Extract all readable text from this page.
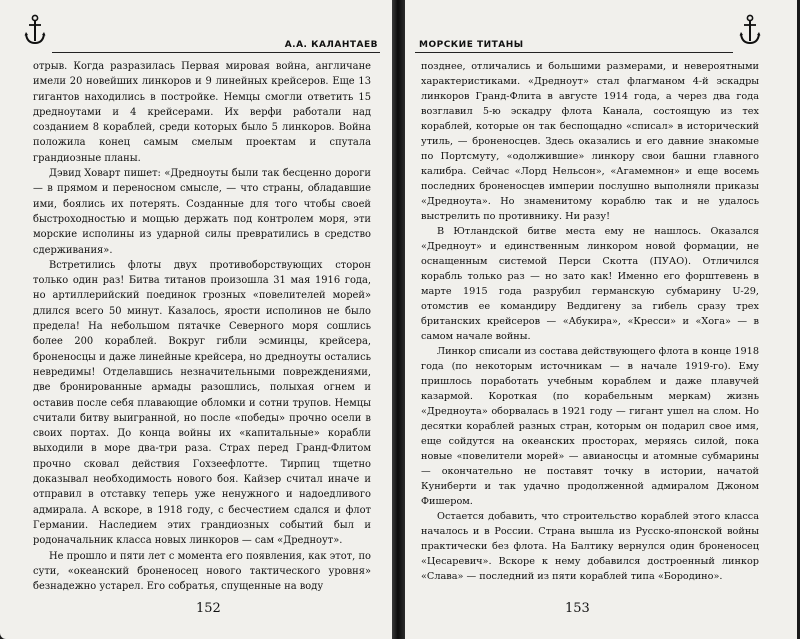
А.А. КАЛАНТАЕВ

отрыв. Когда разразилась Первая мировая война, англичане имели 20 новейших линкоров и 9 линейных крейсеров. Еще 13 гигантов находились в постройке. Немцы смогли ответить 15 дредноутами и 4 крейсерами. Их верфи работали над созданием 8 кораблей, среди которых было 5 линкоров. Война положила конец самым смелым проектам и спутала грандиозные планы.

Дэвид Ховарт пишет: «Дредноуты были так бесценно дороги — в прямом и переносном смысле, — что страны, обладавшие ими, боялись их потерять. Созданные для того чтобы своей быстроходностью и мощью держать под контролем моря, эти морские исполины из ударной силы превратились в средство сдерживания».

Встретились флоты двух противоборствующих сторон только один раз! Битва титанов произошла 31 мая 1916 года, но артиллерийский поединок грозных «повелителей морей» длился всего 50 минут. Казалось, ярости исполинов не было предела! На небольшом пятачке Северного моря сошлись более 200 кораблей. Вокруг гибли эсминцы, крейсера, броненосцы и даже линейные крейсера, но дредноуты остались невредимы! Отделавшись незначительными повреждениями, две бронированные армады разошлись, полыхая огнем и оставив после себя плавающие обломки и сотни трупов. Немцы считали битву выигранной, но после «победы» прочно осели в своих портах. До конца войны их «капитальные» корабли выходили в море два-три раза. Страх перед Гранд-Флитом прочно сковал действия Гохзеефлотте. Тирпиц тщетно доказывал необходимость нового боя. Кайзер считал иначе и отправил в отставку теперь уже ненужного и надоедливого адмирала. А вскоре, в 1918 году, с бесчестием сдался и флот Германии. Наследием этих грандиозных событий был и родоначальник класса новых линкоров — сам «Дредноут».

Не прошло и пяти лет с момента его появления, как этот, по сути, «океанский броненосец нового тактического уровня» безнадежно устарел. Его собратья, спущенные на воду

152
МОРСКИЕ ТИТАНЫ

позднее, отличались и большими размерами, и невероятными характеристиками. «Дредноут» стал флагманом 4-й эскадры линкоров Гранд-Флита в августе 1914 года, а через два года возглавил 5-ю эскадру флота Канала, состоящую из тех кораблей, которые он так беспощадно «списал» в исторический утиль, — броненосцев. Здесь оказались и его давние знакомые по Портсмуту, «одолжившие» линкору свои башни главного калибра. Сейчас «Лорд Нельсон», «Агамемнон» и еще восемь последних броненосцев империи послушно выполняли приказы «Дредноута». Но знаменитому кораблю так и не удалось выстрелить по противнику. Ни разу!

В Ютландской битве места ему не нашлось. Оказался «Дредноут» и единственным линкором новой формации, не оснащенным системой Перси Скотта (ПУАО). Отличился корабль только раз — но зато как! Именно его форштевень в марте 1915 года разрубил германскую субмарину U-29, отомстив ее командиру Веддигену за гибель сразу трех британских крейсеров — «Абукира», «Кресси» и «Хога» — в самом начале войны.

Линкор списали из состава действующего флота в конце 1918 года (по некоторым источникам — в начале 1919-го). Ему пришлось поработать учебным кораблем и даже плавучей казармой. Короткая (по корабельным меркам) жизнь «Дредноута» оборвалась в 1921 году — гигант ушел на слом. Но десятки кораблей разных стран, которым он подарил свое имя, еще сойдутся на океанских просторах, меряясь силой, пока новые «повелители морей» — авианосцы и атомные субмарины — окончательно не поставят точку в истории, начатой Куниберти и так удачно продолженной адмиралом Джоном Фишером.

Остается добавить, что строительство кораблей этого класса началось и в России. Страна вышла из Русско-японской войны практически без флота. На Балтику вернулся один броненосец «Цесаревич». Вскоре к нему добавился достроенный линкор «Слава» — последний из пяти кораблей типа «Бородино».

153
